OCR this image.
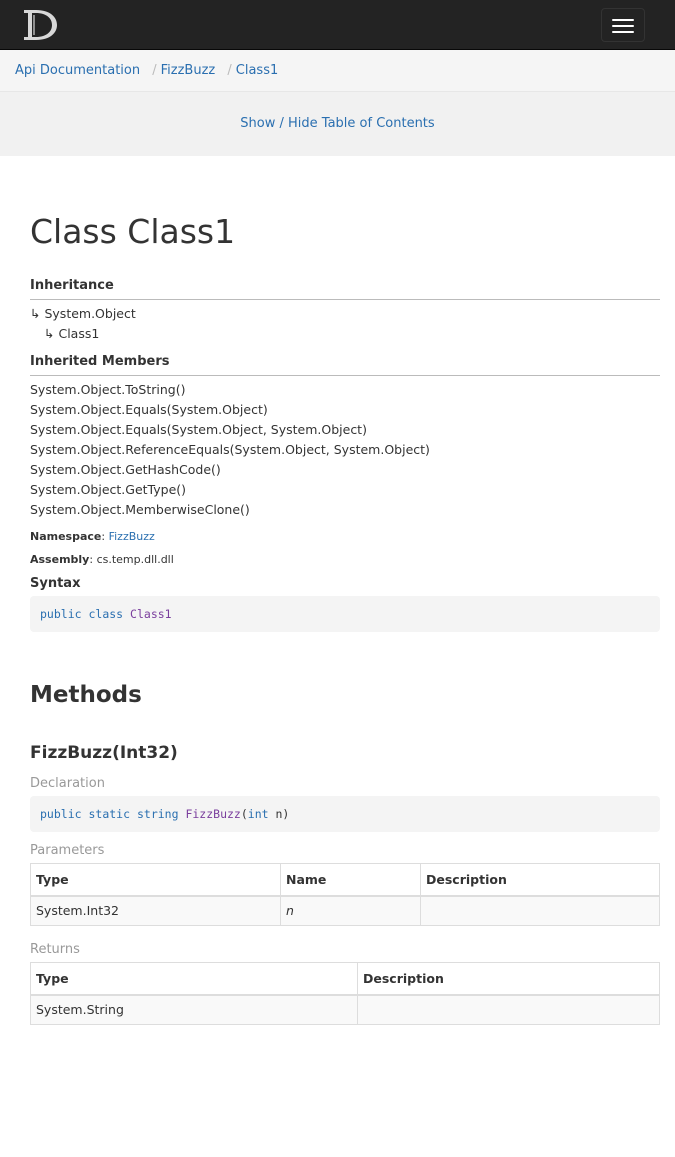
Api Documentation / FizzBuzz / Class1
Show / Hide Table of Contents
Class Class1
Inheritance
↳ System.Object
↳ Class1
Inherited Members
System.Object.ToString()
System.Object.Equals(System.Object)
System.Object.Equals(System.Object, System.Object)
System.Object.ReferenceEquals(System.Object, System.Object)
System.Object.GetHashCode()
System.Object.GetType()
System.Object.MemberwiseClone()
Namespace: FizzBuzz
Assembly: cs.temp.dll.dll
Syntax
public class Class1
Methods
FizzBuzz(Int32)
Declaration
public static string FizzBuzz(int n)
Parameters
Type	Name	Description
System.Int32	n	
Returns
Type	Description
System.String	
